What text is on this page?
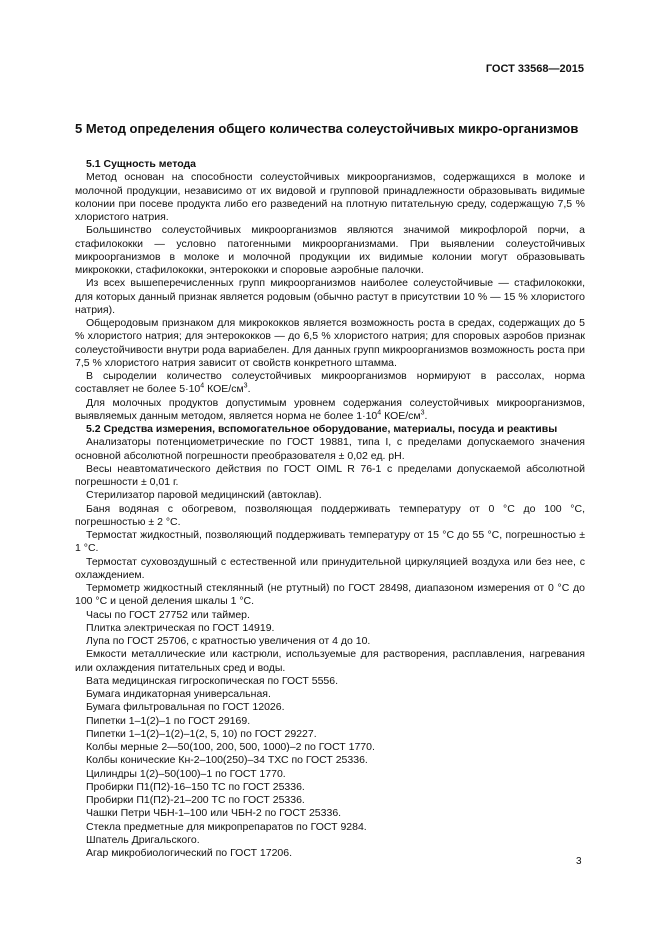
ГОСТ 33568—2015
5 Метод определения общего количества солеустойчивых микро-организмов

5.1 Сущность метода

Метод основан на способности солеустойчивых микроорганизмов, содержащихся в молоке и молочной продукции, независимо от их видовой и групповой принадлежности образовывать видимые колонии при посеве продукта либо его разведений на плотную питательную среду, содержащую 7,5 % хлористого натрия.

Большинство солеустойчивых микроорганизмов являются значимой микрофлорой порчи, а стафилококки — условно патогенными микроорганизмами. При выявлении солеустойчивых микроорганизмов в молоке и молочной продукции их видимые колонии могут образовывать микрококки, стафилококки, энтерококки и споровые аэробные палочки.

Из всех вышеперечисленных групп микроорганизмов наиболее солеустойчивые — стафилококки, для которых данный признак является родовым (обычно растут в присутствии 10 % — 15 % хлористого натрия).

Общеродовым признаком для микрококков является возможность роста в средах, содержащих до 5 % хлористого натрия; для энтерококков — до 6,5 % хлористого натрия; для споровых аэробов признак солеустойчивости внутри рода вариабелен. Для данных групп микроорганизмов возможность роста при 7,5 % хлористого натрия зависит от свойств конкретного штамма.

В сыроделии количество солеустойчивых микроорганизмов нормируют в рассолах, норма составляет не более $5\cdot 10^4$ КОЕ/$см^3$.

Для молочных продуктов допустимым уровнем содержания солеустойчивых микроорганизмов, выявляемых данным методом, является норма не более $1\cdot 10^4$ КОЕ/$см^3$.

5.2 Средства измерения, вспомогательное оборудование, материалы, посуда и реактивы

Анализаторы потенциометрические по ГОСТ 19881, типа I, с пределами допускаемого значения основной абсолютной погрешности преобразователя ± 0,02 ед. pH.

Весы неавтоматического действия по ГОСТ OIML R 76-1 с пределами допускаемой абсолютной погрешности ± 0,01 г.

Стерилизатор паровой медицинский (автоклав).

Баня водяная с обогревом, позволяющая поддерживать температуру от 0 °С до 100 °С, погрешностью ± 2 °С.

Термостат жидкостный, позволяющий поддерживать температуру от 15 °С до 55 °С, погрешностью ± 1 °С.

Термостат суховоздушный с естественной или принудительной циркуляцией воздуха или без нее, с охлаждением.

Термометр жидкостный стеклянный (не ртутный) по ГОСТ 28498, диапазоном измерения от 0 °С до 100 °С и ценой деления шкалы 1 °С.

Часы по ГОСТ 27752 или таймер.

Плитка электрическая по ГОСТ 14919.

Лупа по ГОСТ 25706, с кратностью увеличения от 4 до 10.

Емкости металлические или кастрюли, используемые для растворения, расплавления, нагревания или охлаждения питательных сред и воды.

Вата медицинская гигроскопическая по ГОСТ 5556.

Бумага индикаторная универсальная.

Бумага фильтровальная по ГОСТ 12026.

Пипетки 1–1(2)–1 по ГОСТ 29169.

Пипетки 1–1(2)–1(2)–1(2, 5, 10) по ГОСТ 29227.

Колбы мерные 2—50(100, 200, 500, 1000)–2 по ГОСТ 1770.

Колбы конические Кн-2–100(250)–34 ТХС по ГОСТ 25336.

Цилиндры 1(2)–50(100)–1 по ГОСТ 1770.

Пробирки П1(П2)-16–150 ТС по ГОСТ 25336.

Пробирки П1(П2)-21–200 ТС по ГОСТ 25336.

Чашки Петри ЧБН-1–100 или ЧБН-2 по ГОСТ 25336.

Стекла предметные для микропрепаратов по ГОСТ 9284.

Шпатель Дригальского.

Агар микробиологический по ГОСТ 17206.

3
